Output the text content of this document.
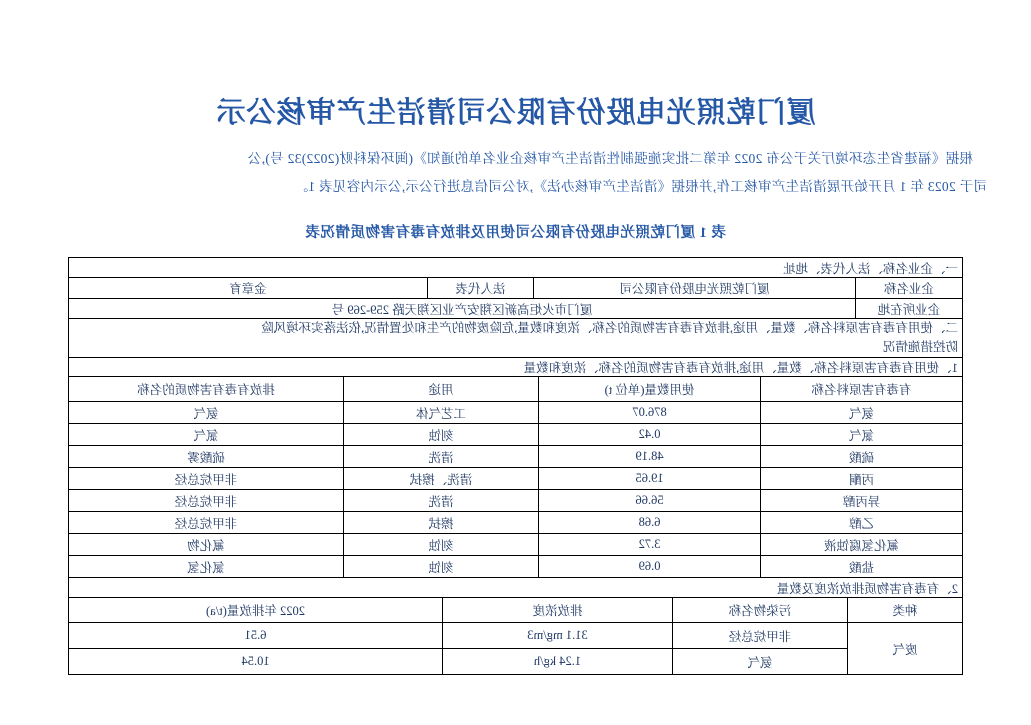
厦门乾照光电股份有限公司清洁生产审核公示
根据《福建省生态环境厅关于公布 2022 年第二批实施强制性清洁生产审核企业名单的通知》(闽环保科财(2022)32 号),公
司于 2023 年 1 月开始开展清洁生产审核工作,并根据《清洁生产审核办法》,对公司信息进行公示,公示内容见表 1。
表 1 厦门乾照光电股份有限公司使用及排放有毒有害物质情况表
一、企业名称、法人代表、地址			
企业名称	厦门乾照光电股份有限公司	法人代表	金章育
企业所在地	厦门市火炬高新区翔安产业区翔天路 259-269 号		
二、使用有毒有害原料名称、数量、用途,排放有毒有害物质的名称、浓度和数量,危险废物的产生和处置情况,依法落实环境风险
防控措施情况			
1、使用有毒有害原料名称、数量、用途,排放有毒有害物质的名称、浓度和数量			
有毒有害原料名称	使用数量(单位 t)	用途	排放有毒有害物质的名称
氨气	876.07	工艺气体	氨气
氯气	0.42	刻蚀	氯气
硫酸	48.19	清洗	硫酸雾
丙酮	19.65	清洗、擦拭	非甲烷总烃
异丙醇	56.66	清洗	非甲烷总烃
乙醇	6.68	擦拭	非甲烷总烃
氟化氢腐蚀液	3.72	刻蚀	氟化物
盐酸	0.69	刻蚀	氯化氢
2、有毒有害物质排放浓度及数量			
种类	污染物名称	排放浓度	2022 年排放量(t/a)
废气	非甲烷总烃	31.1 mg/m3	6.51
	氨气	1.24 kg/h	10.54
